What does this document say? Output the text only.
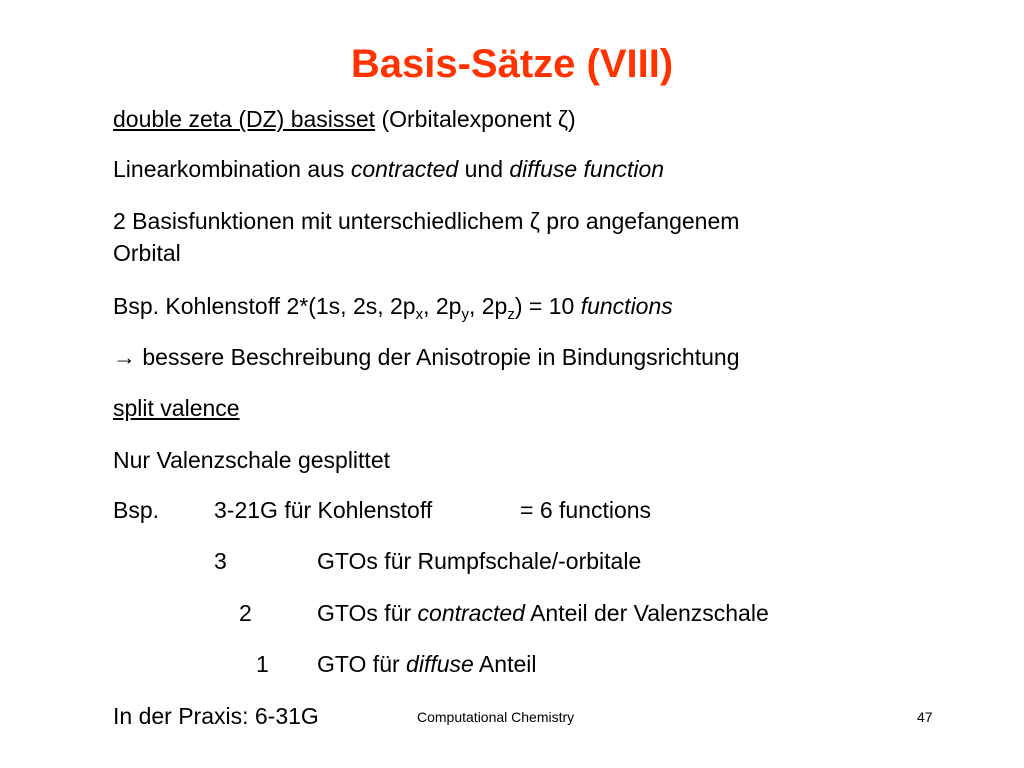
Basis-Sätze (VIII)
double zeta (DZ) basisset (Orbitalexponent ζ)
Linearkombination aus contracted und diffuse function
2 Basisfunktionen mit unterschiedlichem ζ pro angefangenem
Orbital
Bsp. Kohlenstoff 2*(1s, 2s, $2p_x$, $2p_y$, $2p_z) = 10$ functions
→ bessere Beschreibung der Anisotropie in Bindungsrichtung
split valence
Nur Valenzschale gesplittet
Bsp. 3-21G für Kohlenstoff	= 6 functions
3	GTOs für Rumpfschale/-orbitale
2	GTOs für contracted Anteil der Valenzschale
1 GTO für diffuse Anteil
In der Praxis: 6-31G	Computational Chemistry	47
